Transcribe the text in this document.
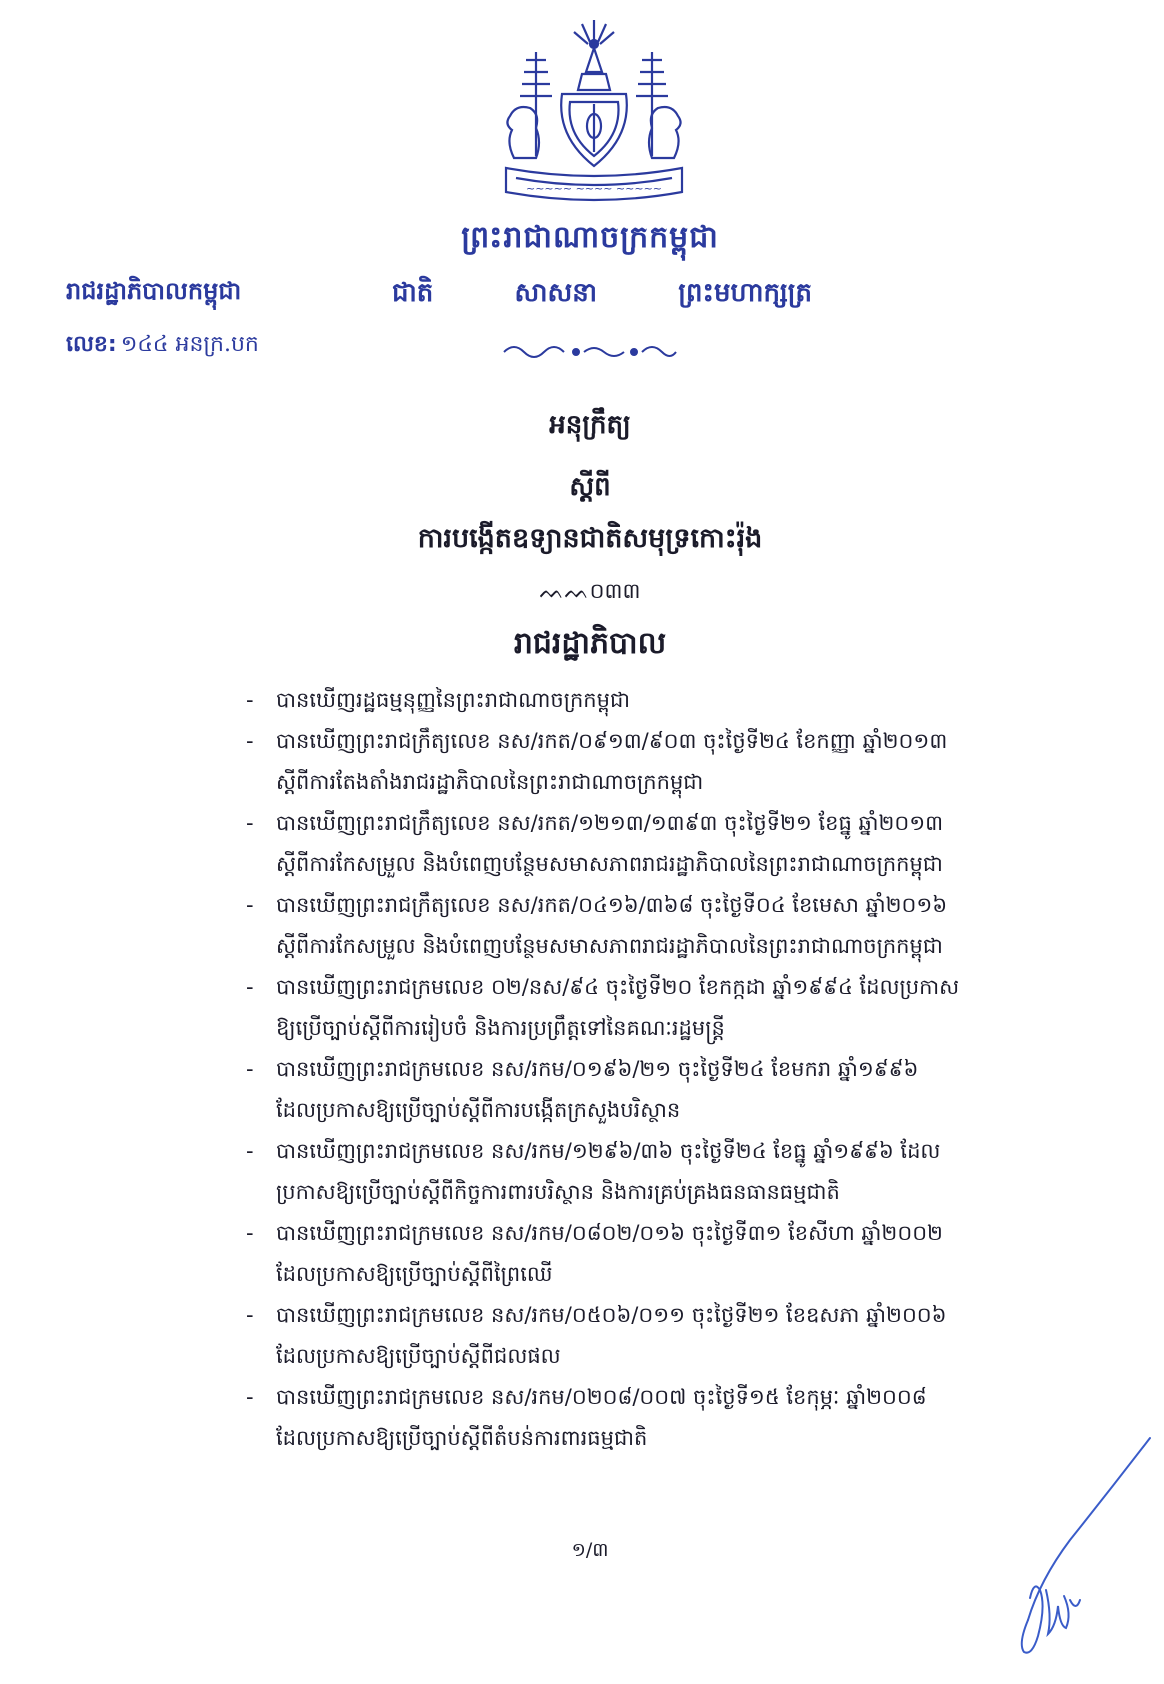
~~~~~ ~~~~ ~~~~~
ព្រះរាជាណាចក្រកម្ពុជា
ជាតិ	សាសនា	ព្រះមហាក្សត្រ
រាជរដ្ឋាភិបាលកម្ពុជា
លេខ: ១៤៤ អនក្រ.បក
អនុក្រឹត្យ
ស្តីពី
ការបង្កើតឧទ្យានជាតិសមុទ្រកោះរ៉ុង
ᨓᨓ០៣៣
រាជរដ្ឋាភិបាល
-	បានឃើញរដ្ឋធម្មនុញ្ញនៃព្រះរាជាណាចក្រកម្ពុជា
-	បានឃើញព្រះរាជក្រឹត្យលេខ នស/រកត/០៩១៣/៩០៣ ចុះថ្ងៃទី២៤ ខែកញ្ញា ឆ្នាំ២០១៣
ស្តីពីការតែងតាំងរាជរដ្ឋាភិបាលនៃព្រះរាជាណាចក្រកម្ពុជា
-	បានឃើញព្រះរាជក្រឹត្យលេខ នស/រកត/១២១៣/១៣៩៣ ចុះថ្ងៃទី២១ ខែធ្នូ ឆ្នាំ២០១៣
ស្តីពីការកែសម្រួល និងបំពេញបន្ថែមសមាសភាពរាជរដ្ឋាភិបាលនៃព្រះរាជាណាចក្រកម្ពុជា
-	បានឃើញព្រះរាជក្រឹត្យលេខ នស/រកត/០៤១៦/៣៦៨ ចុះថ្ងៃទី០៤ ខែមេសា ឆ្នាំ២០១៦
ស្តីពីការកែសម្រួល និងបំពេញបន្ថែមសមាសភាពរាជរដ្ឋាភិបាលនៃព្រះរាជាណាចក្រកម្ពុជា
-	បានឃើញព្រះរាជក្រមលេខ ០២/នស/៩៤ ចុះថ្ងៃទី២០ ខែកក្កដា ឆ្នាំ១៩៩៤ ដែលប្រកាស
ឱ្យប្រើច្បាប់ស្តីពីការរៀបចំ និងការប្រព្រឹត្តទៅនៃគណៈរដ្ឋមន្ត្រី
-	បានឃើញព្រះរាជក្រមលេខ នស/រកម/០១៩៦/២១ ចុះថ្ងៃទី២៤ ខែមករា ឆ្នាំ១៩៩៦
ដែលប្រកាសឱ្យប្រើច្បាប់ស្តីពីការបង្កើតក្រសួងបរិស្ថាន
-	បានឃើញព្រះរាជក្រមលេខ នស/រកម/១២៩៦/៣៦ ចុះថ្ងៃទី២៤ ខែធ្នូ ឆ្នាំ១៩៩៦ ដែល
ប្រកាសឱ្យប្រើច្បាប់ស្តីពីកិច្ចការពារបរិស្ថាន និងការគ្រប់គ្រងធនធានធម្មជាតិ
-	បានឃើញព្រះរាជក្រមលេខ នស/រកម/០៨០២/០១៦ ចុះថ្ងៃទី៣១ ខែសីហា ឆ្នាំ២០០២
ដែលប្រកាសឱ្យប្រើច្បាប់ស្តីពីព្រៃឈើ
-	បានឃើញព្រះរាជក្រមលេខ នស/រកម/០៥០៦/០១១ ចុះថ្ងៃទី២១ ខែឧសភា ឆ្នាំ២០០៦
ដែលប្រកាសឱ្យប្រើច្បាប់ស្តីពីជលផល
-	បានឃើញព្រះរាជក្រមលេខ នស/រកម/០២០៨/០០៧ ចុះថ្ងៃទី១៥ ខែកុម្ភៈ ឆ្នាំ២០០៨
ដែលប្រកាសឱ្យប្រើច្បាប់ស្តីពីតំបន់ការពារធម្មជាតិ
១/៣
